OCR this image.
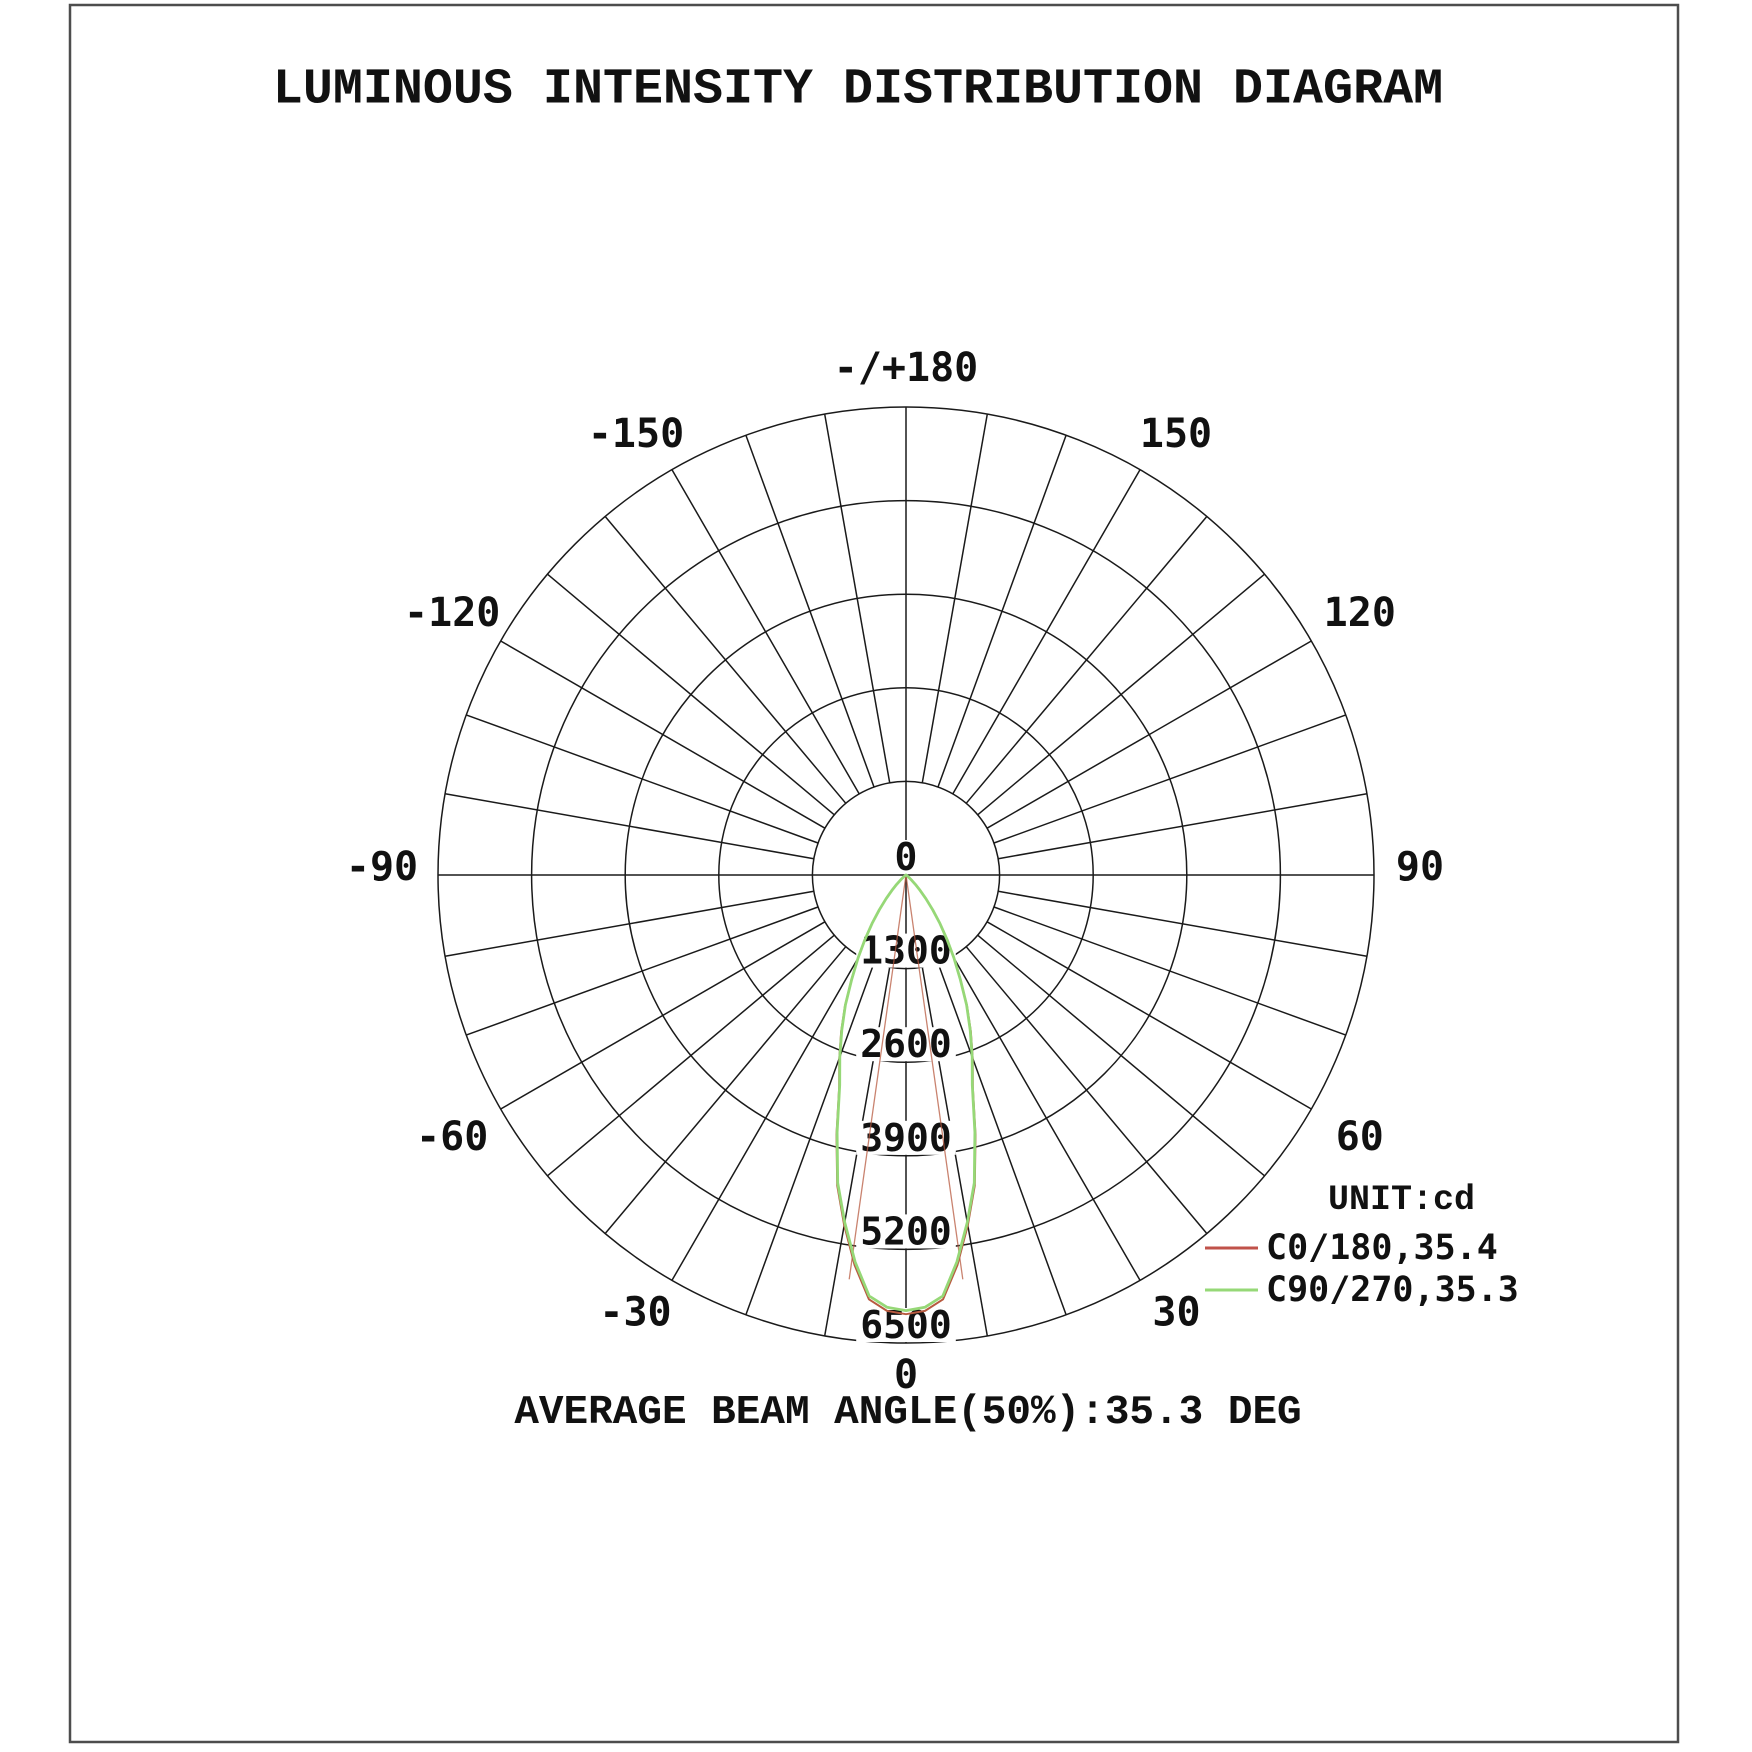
LUMINOUS INTENSITY DISTRIBUTION DIAGRAM
0
1300
2600
3900
5200
6500
-/+180
-150
-120
-90
-60
-30
0
30
60
90
120
150
UNIT:cd
C0/180,35.4
C90/270,35.3
AVERAGE BEAM ANGLE(50%):35.3 DEG
